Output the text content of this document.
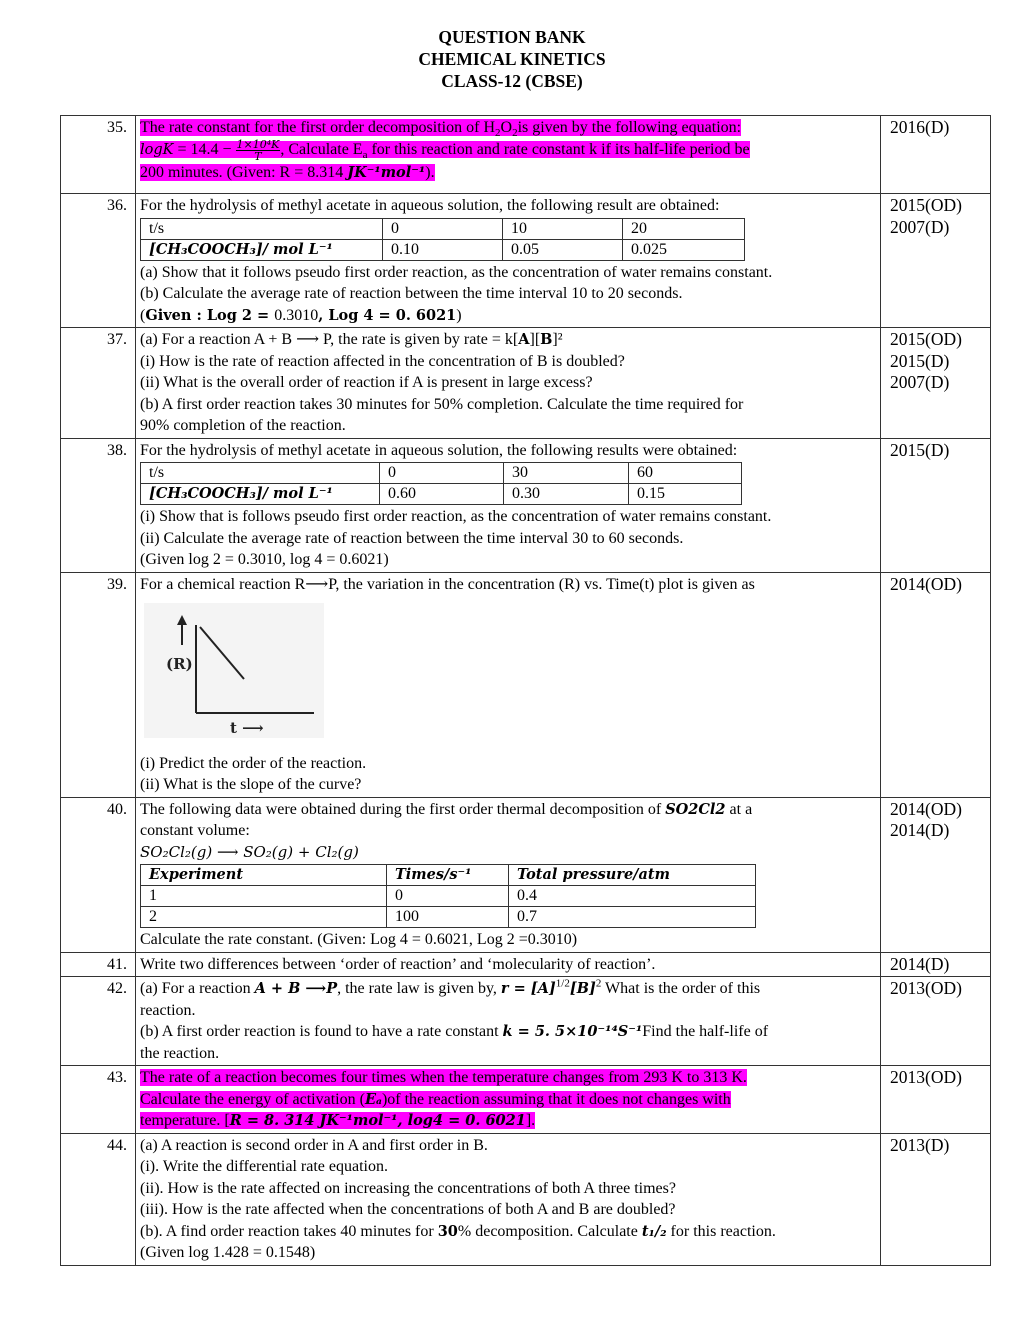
QUESTION BANK
CHEMICAL KINETICS
CLASS-12 (CBSE)
35.	The rate constant for the first order decomposition of $H_2O_2is$ given by the following equation:
$\log K = 14.4 - \frac{\text{1×10⁴K}}{T}$ , Calculate $E_a$ for this reaction and rate constant k if its half-life period be
200 minutes. (Given: R = 8.314 JK⁻¹mol⁻¹).	
2016(D)

36.	For the hydrolysis of methyl acetate in aqueous solution, the following result are obtained:
t/s	0	10	20
[CH₃COOCH₃]/ mol L⁻¹	0.10	0.05	0.025
(a) Show that it follows pseudo first order reaction, as the concentration of water remains constant.
(b) Calculate the average rate of reaction between the time interval 10 to 20 seconds.
(Given : Log 2 = 0.3010, Log 4 = 0. 6021)

2015(OD)
2007(D)

37.	(a) For a reaction A + B ⟶ P, the rate is given by rate = k[A][B]²
(i) How is the rate of reaction affected in the concentration of B is doubled?
(ii) What is the overall order of reaction if A is present in large excess?
(b) A first order reaction takes 30 minutes for 50% completion. Calculate the time required for
90% completion of the reaction.

2015(OD)
2015(D)
2007(D)

38.	For the hydrolysis of methyl acetate in aqueous solution, the following results were obtained:
t/s	0	30	60
[CH₃COOCH₃]/ mol L⁻¹	0.60	0.30	0.15
(i) Show that is follows pseudo first order reaction, as the concentration of water remains constant.
(ii) Calculate the average rate of reaction between the time interval 30 to 60 seconds.
(Given log 2 = 0.3010, log 4 = 0.6021)

2015(D)

39.	For a chemical reaction R⟶P, the variation in the concentration (R) vs. Time(t) plot is given as
(R)
t ⟶
(i) Predict the order of the reaction.
(ii) What is the slope of the curve?

2014(OD)

40.	The following data were obtained during the first order thermal decomposition of SO2Cl2 at a
constant volume:
SO₂Cl₂(g) ⟶ SO₂(g) + Cl₂(g)
Experiment	Times/s⁻¹	Total pressure/atm
1	0	0.4
2	100	0.7
Calculate the rate constant. (Given: Log 4 = 0.6021, Log 2 =0.3010)

2014(OD)
2014(D)

41.	Write two differences between ‘order of reaction’ and ‘molecularity of reaction’.	2014(D)

42.	(a) For a reaction A + B ⟶P, the rate law is given by, $r = [A]^{1/2}[B]^2$ What is the order of this
reaction.
(b) A first order reaction is found to have a rate constant k = 5. 5×10⁻¹⁴S⁻¹Find the half-life of
the reaction.

2013(OD)

43.	The rate of a reaction becomes four times when the temperature changes from 293 K to 313 K.
Calculate the energy of activation (Eₐ)of the reaction assuming that it does not changes with
temperature. [R = 8. 314 JK⁻¹mol⁻¹, log4 = 0. 6021].	
2013(OD)

44.	(a) A reaction is second order in A and first order in B.
(i). Write the differential rate equation.
(ii). How is the rate affected on increasing the concentrations of both A three times?
(iii). How is the rate affected when the concentrations of both A and B are doubled?
(b). A find order reaction takes 40 minutes for 30% decomposition. Calculate t₁/₂ for this reaction.
(Given log 1.428 = 0.1548)

2013(D)
